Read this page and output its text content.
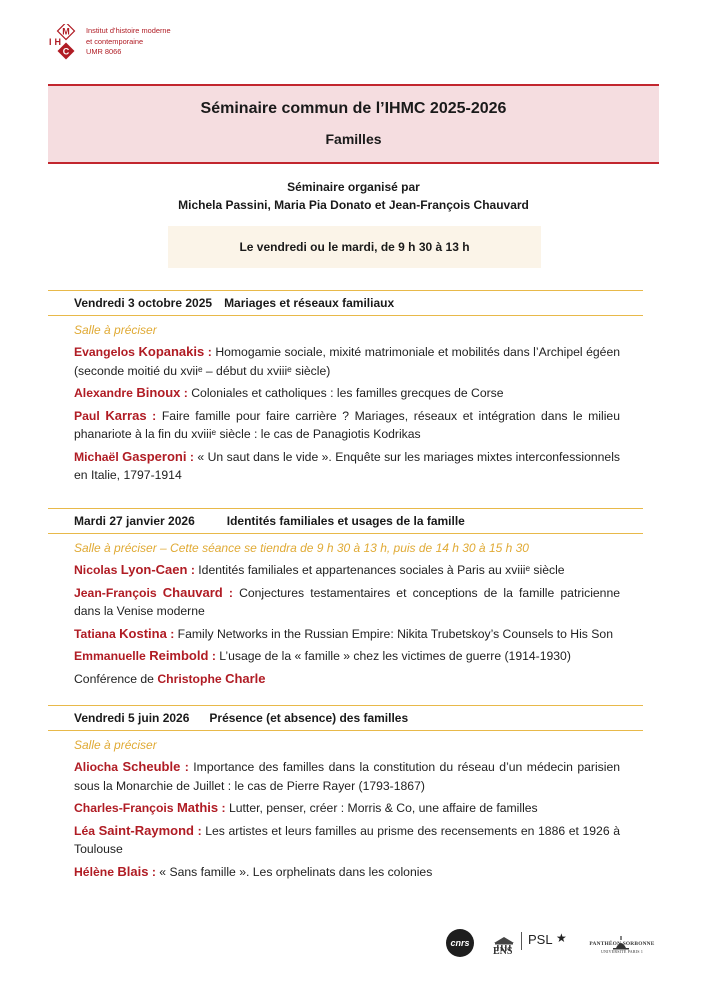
M
C
I H
Institut d’histoire moderne
et contemporaine
UMR 8066
Séminaire commun de l’IHMC 2025-2026
Familles
Séminaire organisé par
Michela Passini, Maria Pia Donato et Jean-François Chauvard
Le vendredi ou le mardi, de 9 h 30 à 13 h
Vendredi 3 octobre 2025 Mariages et réseaux familiaux
Salle à préciser
Evangelos Kopanakis : Homogamie sociale, mixité matrimoniale et mobilités dans l’Archipel égéen (seconde moitié du xviiᵉ – début du xviiiᵉ siècle)
Alexandre Binoux : Coloniales et catholiques : les familles grecques de Corse
Paul Karras : Faire famille pour faire carrière ? Mariages, réseaux et intégration dans le milieu phanariote à la fin du xviiiᵉ siècle : le cas de Panagiotis Kodrikas
Michaël Gasperoni : « Un saut dans le vide ». Enquête sur les mariages mixtes interconfessionnels en Italie, 1797-1914
Mardi 27 janvier 2026	Identités familiales et usages de la famille
Salle à préciser – Cette séance se tiendra de 9 h 30 à 13 h, puis de 14 h 30 à 15 h 30
Nicolas Lyon-Caen : Identités familiales et appartenances sociales à Paris au xviiiᵉ siècle
Jean-François Chauvard : Conjectures testamentaires et conceptions de la famille patricienne dans la Venise moderne
Tatiana Kostina : Family Networks in the Russian Empire: Nikita Trubetskoy’s Counsels to His Son
Emmanuelle Reimbold : L’usage de la « famille » chez les victimes de guerre (1914-1930)
Conférence de Christophe Charle
Vendredi 5 juin 2026 Présence (et absence) des familles
Salle à préciser
Aliocha Scheuble : Importance des familles dans la constitution du réseau d’un médecin parisien sous la Monarchie de Juillet : le cas de Pierre Rayer (1793-1867)
Charles-François Mathis : Lutter, penser, créer : Morris & Co, une affaire de familles
Léa Saint-Raymond : Les artistes et leurs familles au prisme des recensements en 1886 et 1926 à Toulouse
Hélène Blais : « Sans famille ». Les orphelinats dans les colonies
cnrs
ENS
PSL ★	PANTHÉON SORBONNE
UNIVERSITÉ PARIS 1
